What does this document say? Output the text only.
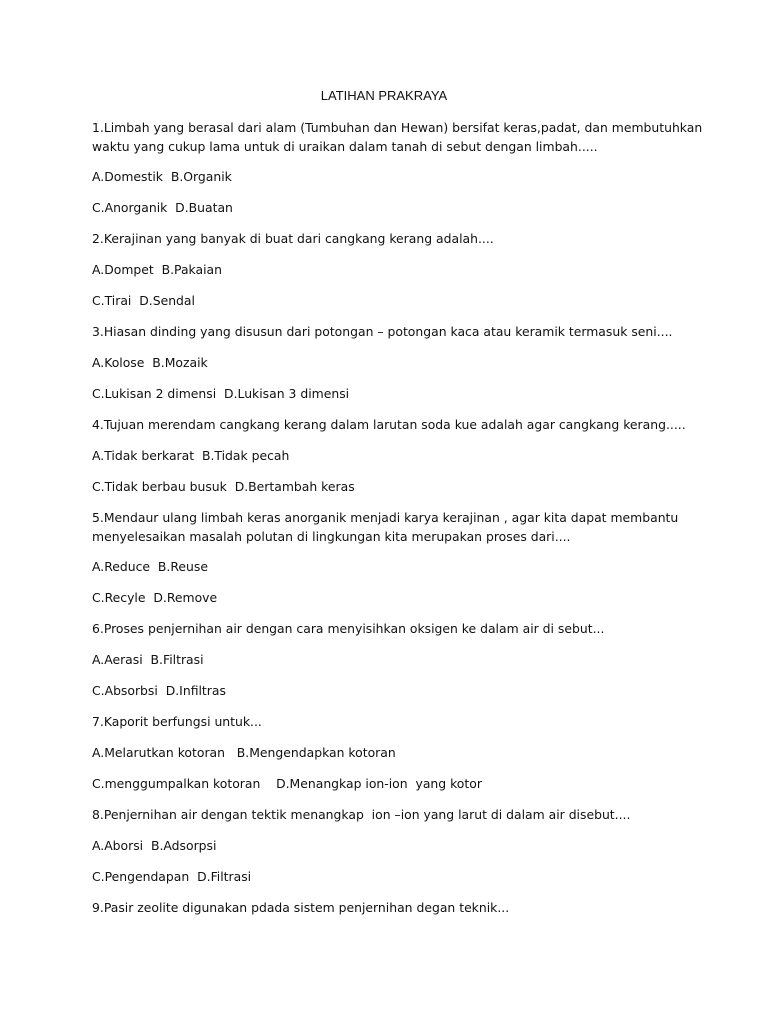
LATIHAN PRAKRAYA
1.Limbah yang berasal dari alam (Tumbuhan dan Hewan) bersifat keras,padat, dan membutuhkan
waktu yang cukup lama untuk di uraikan dalam tanah di sebut dengan limbah.....
A.Domestik  B.Organik
C.Anorganik  D.Buatan
2.Kerajinan yang banyak di buat dari cangkang kerang adalah....
A.Dompet  B.Pakaian
C.Tirai  D.Sendal
3.Hiasan dinding yang disusun dari potongan – potongan kaca atau keramik termasuk seni....
A.Kolose  B.Mozaik
C.Lukisan 2 dimensi  D.Lukisan 3 dimensi
4.Tujuan merendam cangkang kerang dalam larutan soda kue adalah agar cangkang kerang.....
A.Tidak berkarat  B.Tidak pecah
C.Tidak berbau busuk  D.Bertambah keras
5.Mendaur ulang limbah keras anorganik menjadi karya kerajinan , agar kita dapat membantu
menyelesaikan masalah polutan di lingkungan kita merupakan proses dari....
A.Reduce  B.Reuse
C.Recyle  D.Remove
6.Proses penjernihan air dengan cara menyisihkan oksigen ke dalam air di sebut...
A.Aerasi  B.Filtrasi
C.Absorbsi  D.Infiltras
7.Kaporit berfungsi untuk...
A.Melarutkan kotoran   B.Mengendapkan kotoran
C.menggumpalkan kotoran    D.Menangkap ion-ion  yang kotor
8.Penjernihan air dengan tektik menangkap  ion –ion yang larut di dalam air disebut....
A.Aborsi  B.Adsorpsi
C.Pengendapan  D.Filtrasi
9.Pasir zeolite digunakan pdada sistem penjernihan degan teknik...
